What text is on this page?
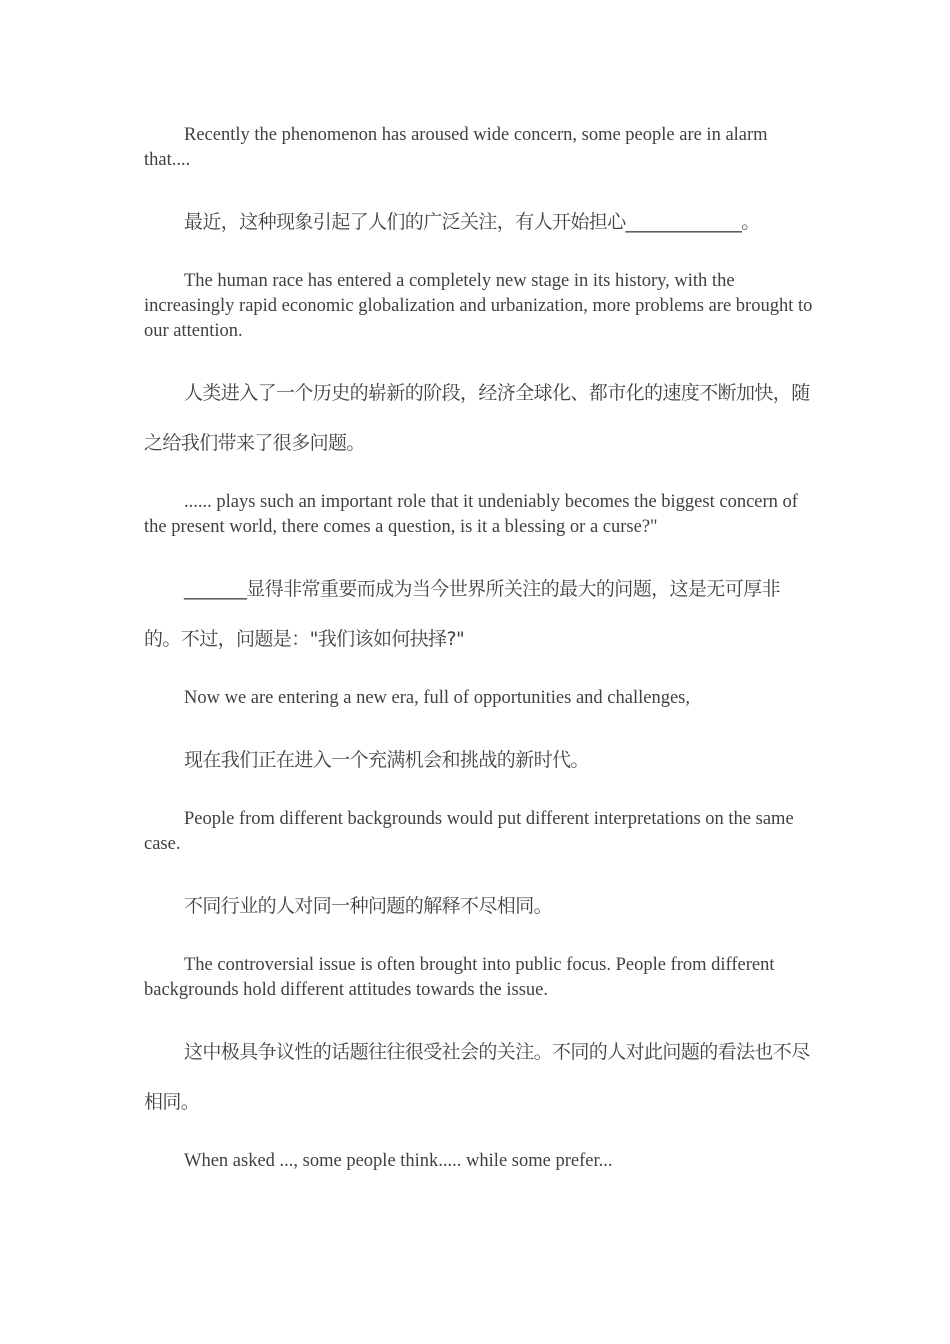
Recently the phenomenon has aroused wide concern, some people are in alarm that....

最近，这种现象引起了人们的广泛关注，有人开始担心_____________。

The human race has entered a completely new stage in its history, with the increasingly rapid economic globalization and urbanization, more problems are brought to our attention.

人类进入了一个历史的崭新的阶段，经济全球化、都市化的速度不断加快，随之给我们带来了很多问题。

...... plays such an important role that it undeniably becomes the biggest concern of the present world, there comes a question, is it a blessing or a curse?"

_______显得非常重要而成为当今世界所关注的最大的问题，这是无可厚非的。不过，问题是："我们该如何抉择?"

Now we are entering a new era, full of opportunities and challenges,

现在我们正在进入一个充满机会和挑战的新时代。

People from different backgrounds would put different interpretations on the same case.

不同行业的人对同一种问题的解释不尽相同。

The controversial issue is often brought into public focus. People from different backgrounds hold different attitudes towards the issue.

这中极具争议性的话题往往很受社会的关注。不同的人对此问题的看法也不尽相同。

When asked ..., some people think..... while some prefer...
